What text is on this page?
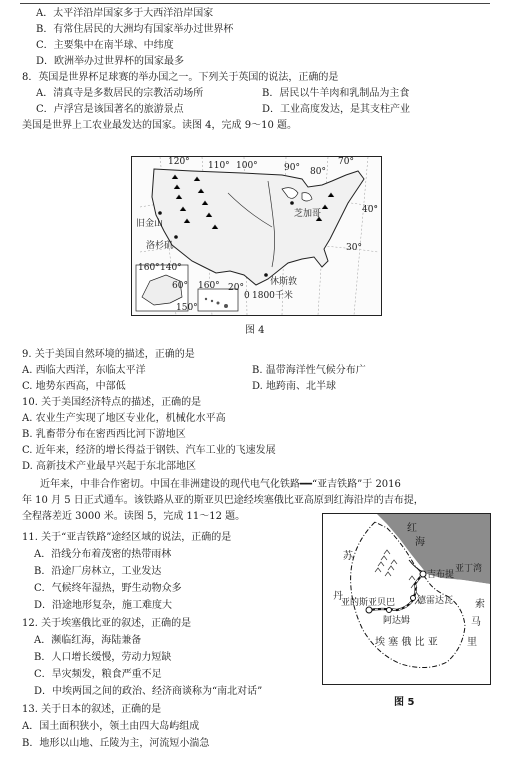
A．太平洋沿岸国家多于大西洋沿岸国家
B．有常住居民的大洲均有国家举办过世界杯
C．主要集中在南半球、中纬度
D．欧洲举办过世界杯的国家最多
8．英国是世界杯足球赛的举办国之一。下列关于英国的说法，正确的是
A．清真寺是多数居民的宗教活动场所	B．居民以牛羊肉和乳制品为主食
C．卢浮宫是该国著名的旅游景点	D．工业高度发达，是其支柱产业
美国是世界上工农业最发达的国家。读图 4，完成 9～10 题。
120° 110° 100°	90° 80°
70°
40°
30°
旧金山
洛杉矶
芝加哥
休斯敦
160° 140°
60° 160°
150°
20°
0 1800千米
图 4
9. 关于美国自然环境的描述，正确的是
A. 西临大西洋，东临太平洋	B. 温带海洋性气候分布广
C. 地势东西高，中部低	D. 地跨南、北半球
10. 关于美国经济特点的描述，正确的是
A. 农业生产实现了地区专业化，机械化水平高
B. 乳畜带分布在密西西比河下游地区
C. 近年来，经济的增长得益于钢铁、汽车工业的飞速发展
D. 高新技术产业最早兴起于东北部地区
近年来，中非合作密切。中国在非洲建设的现代电气化铁路━━“亚吉铁路”于 2016
年 10 月 5 日正式通车。该铁路从亚的斯亚贝巴途经埃塞俄比亚高原到红海沿岸的吉布提，
全程落差近 3000 米。读图 5，完成 11～12 题。
11. 关于“亚吉铁路”途经区域的说法，正确的是
A．沿线分布着茂密的热带雨林
B．沿途厂房林立，工业发达
C．气候终年湿热，野生动物众多
D．沿途地形复杂，施工难度大
12. 关于埃塞俄比亚的叙述，正确的是
A．濒临红海，海陆兼备
B．人口增长缓慢，劳动力短缺
C．旱灾频发，粮食严重不足
D．中埃两国之间的政治、经济商谈称为“南北对话”
13. 关于日本的叙述，正确的是
A．国土面积狭小，领土由四大岛屿组成
B．地形以山地、丘陵为主，河流短小湍急
红
海
苏
丹
吉布提
亚丁湾
索
马
里
德雷达瓦
亚的斯亚贝巴
阿达姆
埃 塞 俄 比 亚
图 5
